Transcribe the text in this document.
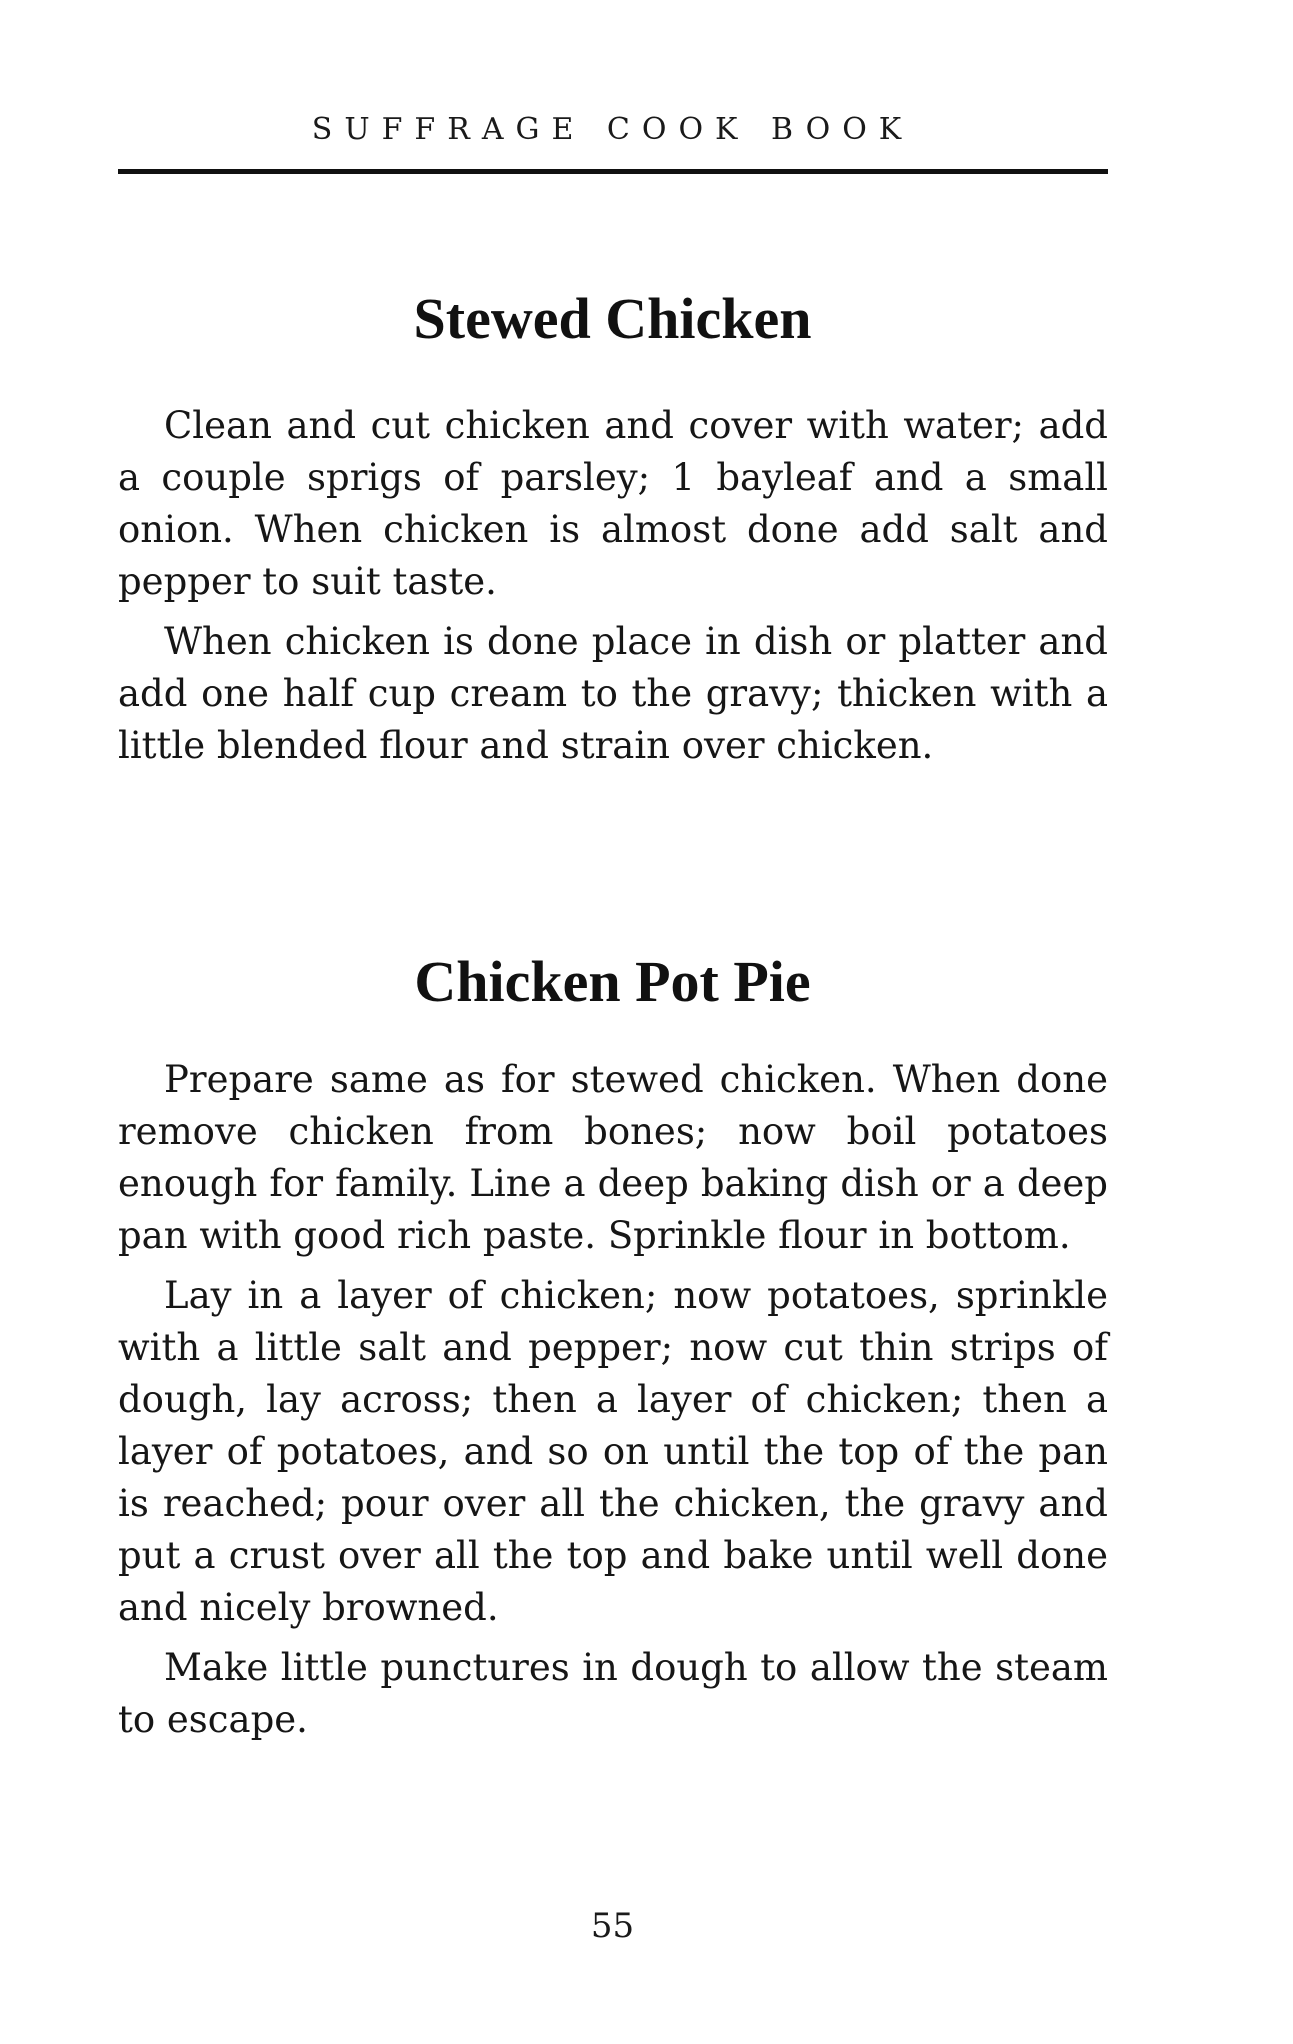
SUFFRAGE COOK BOOK
Stewed Chicken

Clean and cut chicken and cover with water; add a couple sprigs of parsley; 1 bayleaf and a small onion. When chicken is almost done add salt and pepper to suit taste.

When chicken is done place in dish or platter and add one half cup cream to the gravy; thicken with a little blended flour and strain over chicken.

Chicken Pot Pie

Prepare same as for stewed chicken. When done remove chicken from bones; now boil potatoes enough for family. Line a deep baking dish or a deep pan with good rich paste. Sprinkle flour in bottom.

Lay in a layer of chicken; now potatoes, sprinkle with a little salt and pepper; now cut thin strips of dough, lay across; then a layer of chicken; then a layer of potatoes, and so on until the top of the pan is reached; pour over all the chicken, the gravy and put a crust over all the top and bake until well done and nicely browned.

Make little punctures in dough to allow the steam to escape.

55
